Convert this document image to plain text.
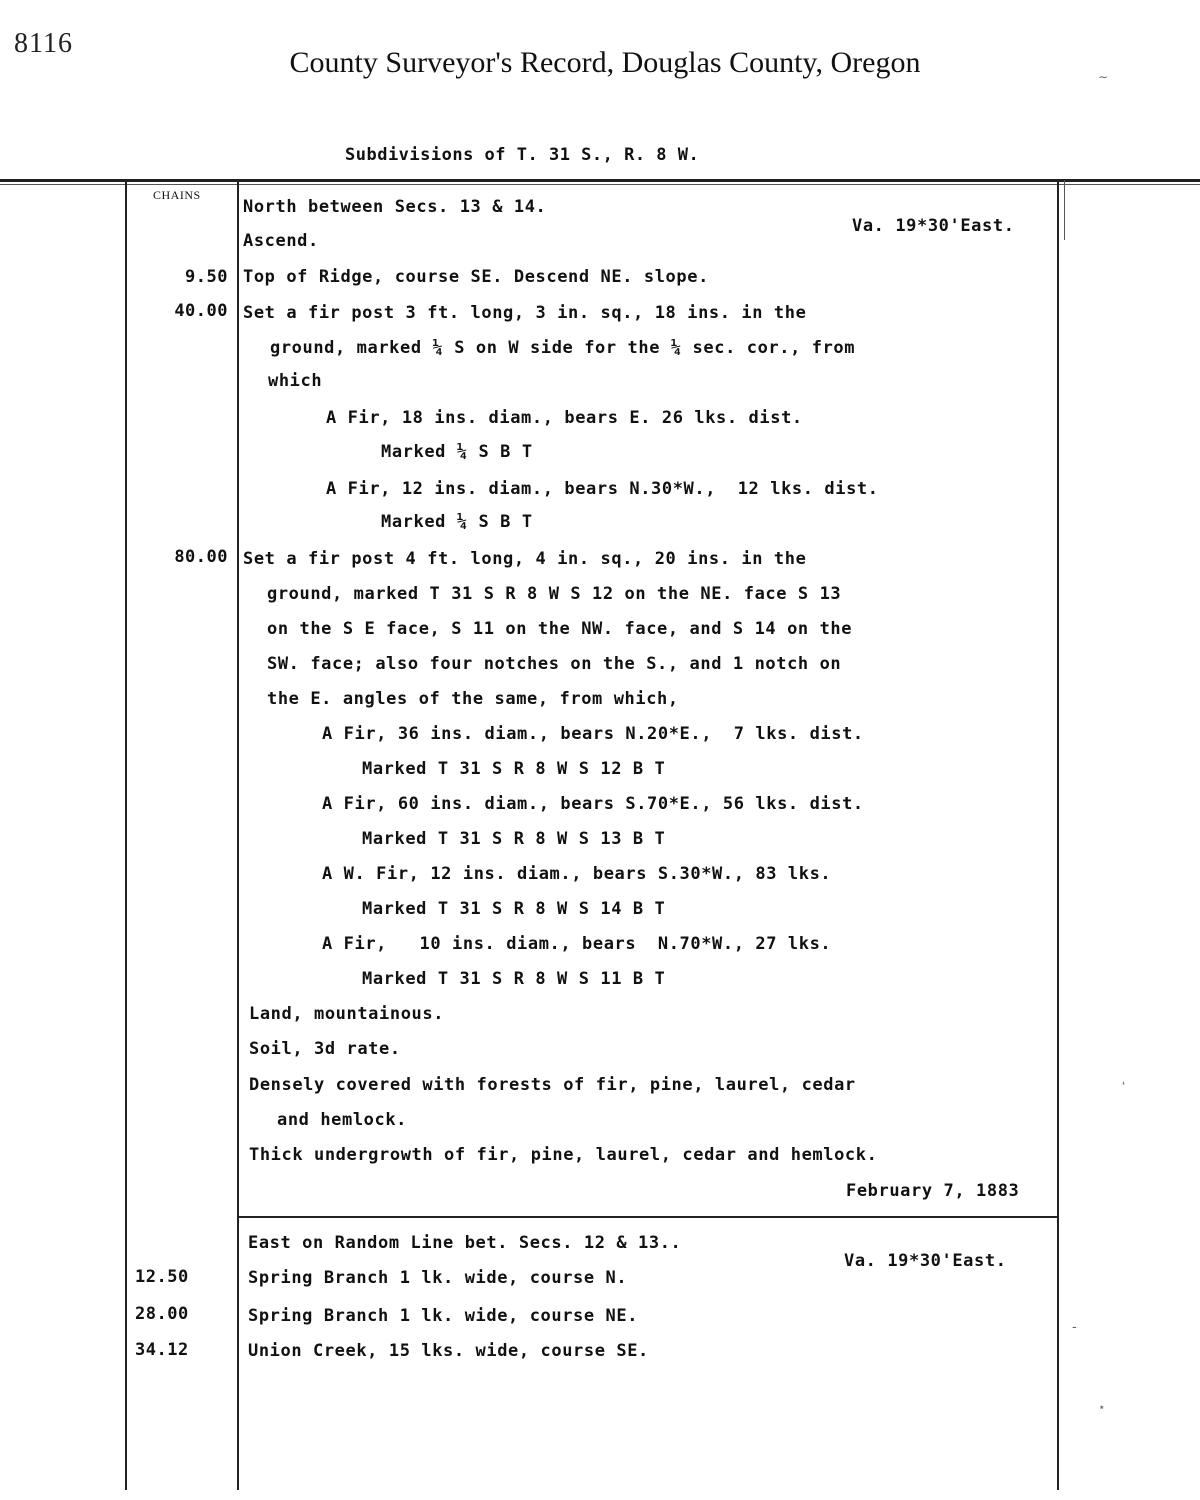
8116
County Surveyor's Record, Douglas County, Oregon
Subdivisions of T. 31 S., R. 8 W.
CHAINS
Va. 19*30'East.
North between Secs. 13 & 14.
Ascend.
9.50 Top of Ridge, course SE. Descend NE. slope.
40.00 Set a fir post 3 ft. long, 3 in. sq., 18 ins. in the
ground, marked ¼ S on W side for the ¼ sec. cor., from
which
A Fir, 18 ins. diam., bears E. 26 lks. dist.
Marked ¼ S B T
A Fir, 12 ins. diam., bears N.30*W.,  12 lks. dist.
Marked ¼ S B T
80.00 Set a fir post 4 ft. long, 4 in. sq., 20 ins. in the
ground, marked T 31 S R 8 W S 12 on the NE. face S 13
on the S E face, S 11 on the NW. face, and S 14 on the
SW. face; also four notches on the S., and 1 notch on
the E. angles of the same, from which,
A Fir, 36 ins. diam., bears N.20*E.,  7 lks. dist.
Marked T 31 S R 8 W S 12 B T
A Fir, 60 ins. diam., bears S.70*E., 56 lks. dist.
Marked T 31 S R 8 W S 13 B T
A W. Fir, 12 ins. diam., bears S.30*W., 83 lks.
Marked T 31 S R 8 W S 14 B T
A Fir,   10 ins. diam., bears  N.70*W., 27 lks.
Marked T 31 S R 8 W S 11 B T
Land, mountainous.
Soil, 3d rate.
Densely covered with forests of fir, pine, laurel, cedar
and hemlock.
Thick undergrowth of fir, pine, laurel, cedar and hemlock.
February 7, 1883
East on Random Line bet. Secs. 12 & 13..
Va. 19*30'East.
12.50	Spring Branch 1 lk. wide, course N.
28.00	Spring Branch 1 lk. wide, course NE.
34.12	Union Creek, 15 lks. wide, course SE.
∼
‘
-
⋆
